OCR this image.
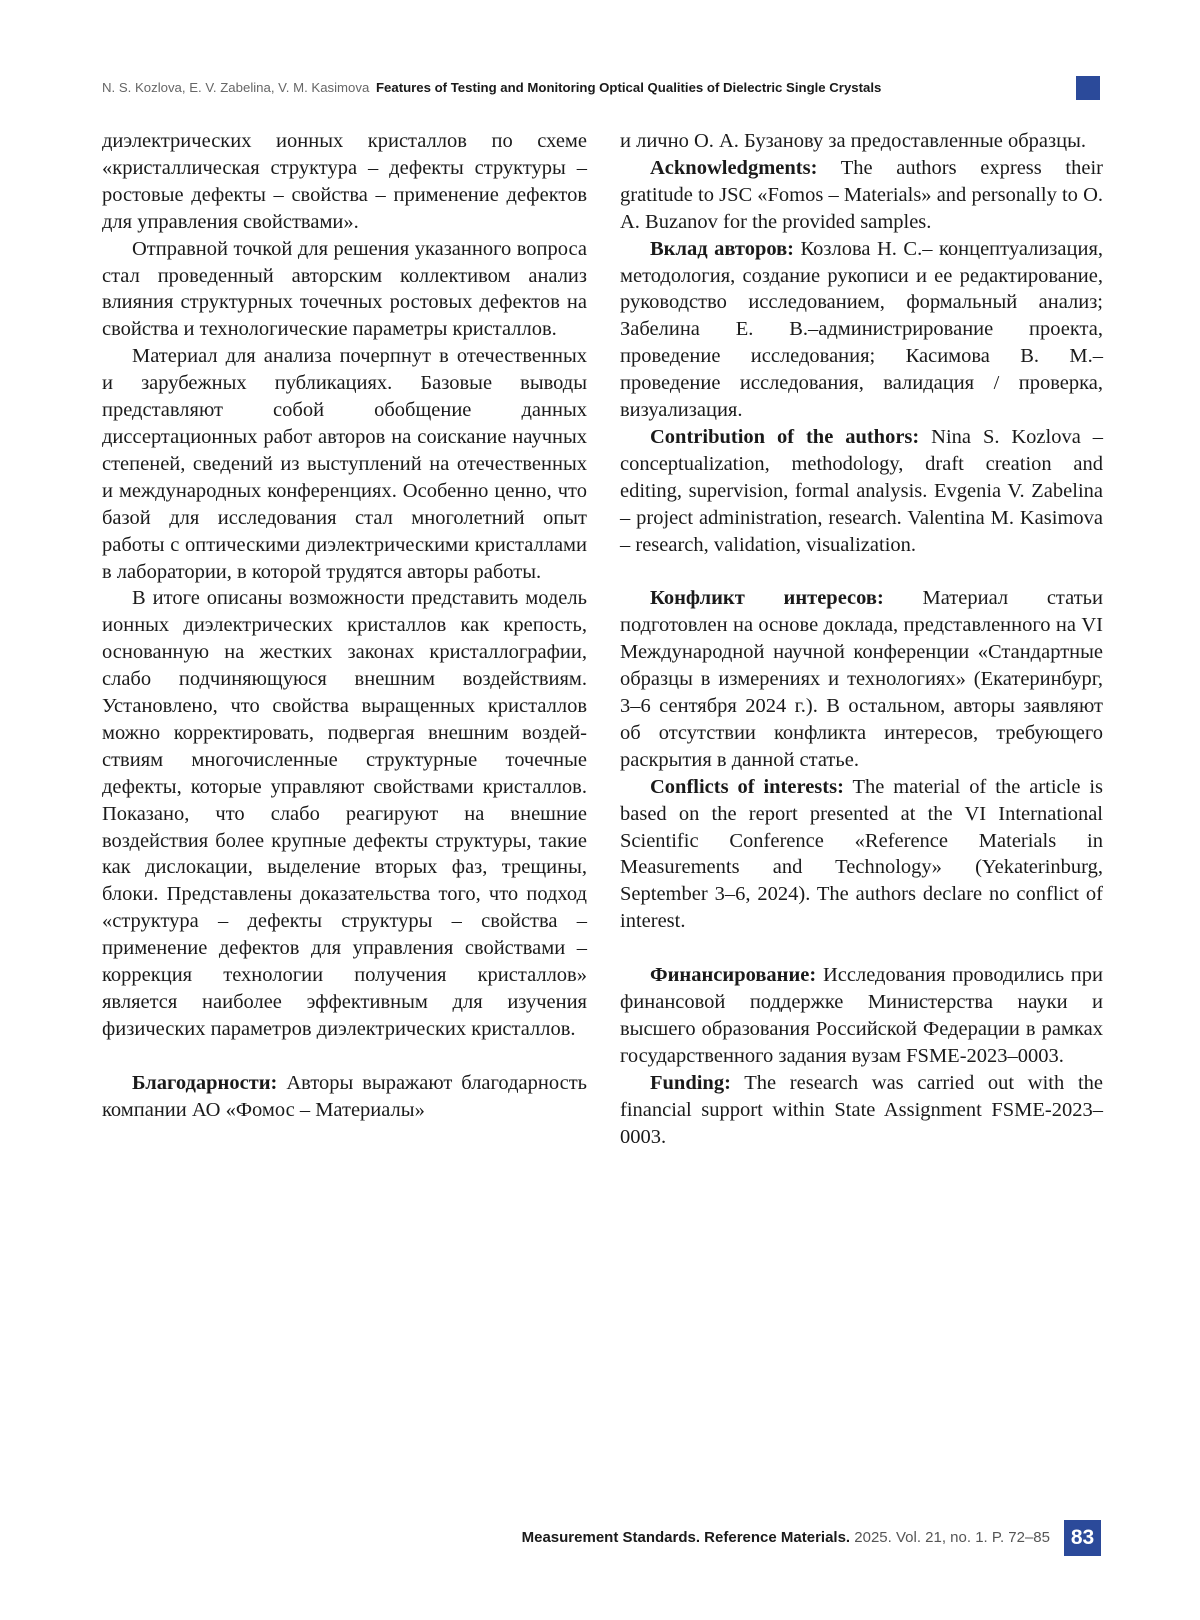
N. S. Kozlova, E. V. Zabelina, V. M. Kasimova Features of Testing and Monitoring Optical Qualities of Dielectric Single Crystals

диэлектрических ионных кристаллов по схеме «кристаллическая структура – дефекты структуры – ростовые дефекты – свойства – применение дефектов для управления свойствами».

Отправной точкой для решения указанного вопроса стал проведенный авторским коллективом анализ влияния структурных точечных ростовых дефектов на свойства и технологические параметры кристаллов.

Материал для анализа почерпнут в отечественных и зарубежных публикациях. Базовые выводы представляют собой обобщение данных диссертационных работ авторов на соискание научных степеней, сведений из выступлений на отечественных и международных конференциях. Особенно ценно, что базой для исследования стал многолетний опыт работы с оптическими диэлектрическими кристаллами в лаборатории, в которой трудятся авторы работы.

В итоге описаны возможности представить модель ионных диэлектрических кристаллов как крепость, основанную на жестких законах кристаллографии, слабо подчиняющуюся внешним воздействиям. Установлено, что свойства выращенных кристаллов можно корректировать, подвергая внешним воздействиям многочисленные структурные точечные дефекты, которые управляют свойствами кристаллов. Показано, что слабо реагируют на внешние воздействия более крупные дефекты структуры, такие как дислокации, выделение вторых фаз, трещины, блоки. Представлены доказательства того, что подход «структура – дефекты структуры – свойства – применение дефектов для управления свойствами – коррекция технологии получения кристаллов» является наиболее эффективным для изучения физических параметров диэлектрических кристаллов.

Благодарности: Авторы выражают благодарность компании АО «Фомос – Материалы»

и лично О. А. Бузанову за предоставленные образцы.

Acknowledgments: The authors express their gratitude to JSC «Fomos – Materials» and personally to O. A. Buzanov for the provided samples.

Вклад авторов: Козлова Н. С.– концептуализация, методология, создание рукописи и ее редактирование, руководство исследованием, формальный анализ; Забелина Е. В.–администрирование проекта, проведение исследования; Касимова В. М.– проведение исследования, валидация / проверка, визуализация.

Contribution of the authors: Nina S. Kozlova – conceptualization, methodology, draft creation and editing, supervision, formal analysis. Evgenia V. Zabelina – project administration, research. Valentina M. Kasimova – research, validation, visualization.

Конфликт интересов: Материал статьи подготовлен на основе доклада, представленного на VI Международной научной конференции «Стандартные образцы в измерениях и технологиях» (Екатеринбург, 3–6 сентября 2024 г.). В остальном, авторы заявляют об отсутствии конфликта интересов, требующего раскрытия в данной статье.

Conflicts of interests: The material of the article is based on the report presented at the VI International Scientific Conference «Reference Materials in Measurements and Technology» (Yekaterinburg, September 3–6, 2024). The authors declare no conflict of interest.

Финансирование: Исследования проводились при финансовой поддержке Министерства науки и высшего образования Российской Федерации в рамках государственного задания вузам FSME-2023–0003.

Funding: The research was carried out with the financial support within State Assignment FSME-2023–0003.

Measurement Standards. Reference Materials. 2025. Vol. 21, no. 1. P. 72–85 83
